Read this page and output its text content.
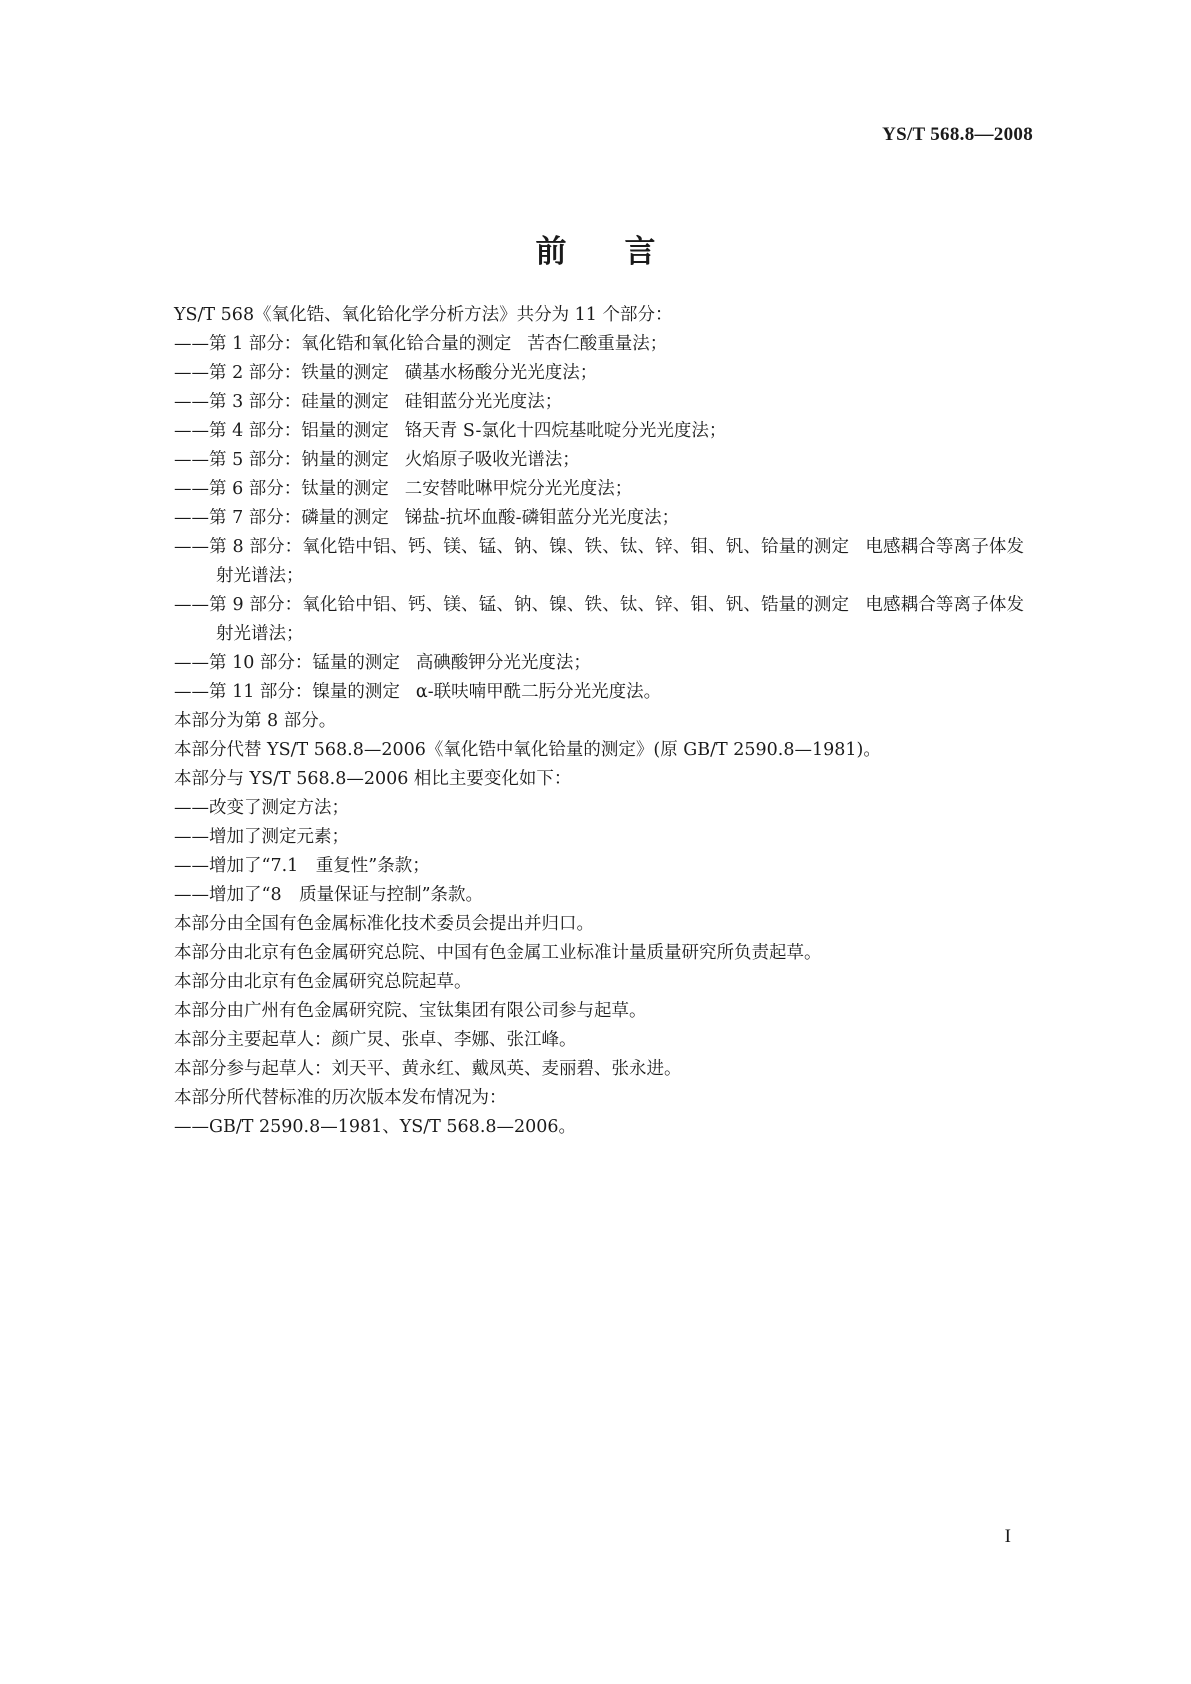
YS/T 568.8—2008
前 言
YS/T 568《氧化锆、氧化铪化学分析方法》共分为 11 个部分：
——第 1 部分：氧化锆和氧化铪合量的测定 苦杏仁酸重量法；
——第 2 部分：铁量的测定 磺基水杨酸分光光度法；
——第 3 部分：硅量的测定 硅钼蓝分光光度法；
——第 4 部分：铝量的测定 铬天青 S-氯化十四烷基吡啶分光光度法；
——第 5 部分：钠量的测定 火焰原子吸收光谱法；
——第 6 部分：钛量的测定 二安替吡啉甲烷分光光度法；
——第 7 部分：磷量的测定 锑盐-抗坏血酸-磷钼蓝分光光度法；
——第 8 部分：氧化锆中铝、钙、镁、锰、钠、镍、铁、钛、锌、钼、钒、铪量的测定 电感耦合等离子体发射光谱法；
——第 9 部分：氧化铪中铝、钙、镁、锰、钠、镍、铁、钛、锌、钼、钒、锆量的测定 电感耦合等离子体发射光谱法；
——第 10 部分：锰量的测定 高碘酸钾分光光度法；
——第 11 部分：镍量的测定 α-联呋喃甲酰二肟分光光度法。
本部分为第 8 部分。
本部分代替 YS/T 568.8—2006《氧化锆中氧化铪量的测定》(原 GB/T 2590.8—1981)。
本部分与 YS/T 568.8—2006 相比主要变化如下：
——改变了测定方法；
——增加了测定元素；
——增加了“7.1　重复性”条款；
——增加了“8　质量保证与控制”条款。
本部分由全国有色金属标准化技术委员会提出并归口。
本部分由北京有色金属研究总院、中国有色金属工业标准计量质量研究所负责起草。
本部分由北京有色金属研究总院起草。
本部分由广州有色金属研究院、宝钛集团有限公司参与起草。
本部分主要起草人：颜广炅、张卓、李娜、张江峰。
本部分参与起草人：刘天平、黄永红、戴凤英、麦丽碧、张永进。
本部分所代替标准的历次版本发布情况为：
——GB/T 2590.8—1981、YS/T 568.8—2006。
I
